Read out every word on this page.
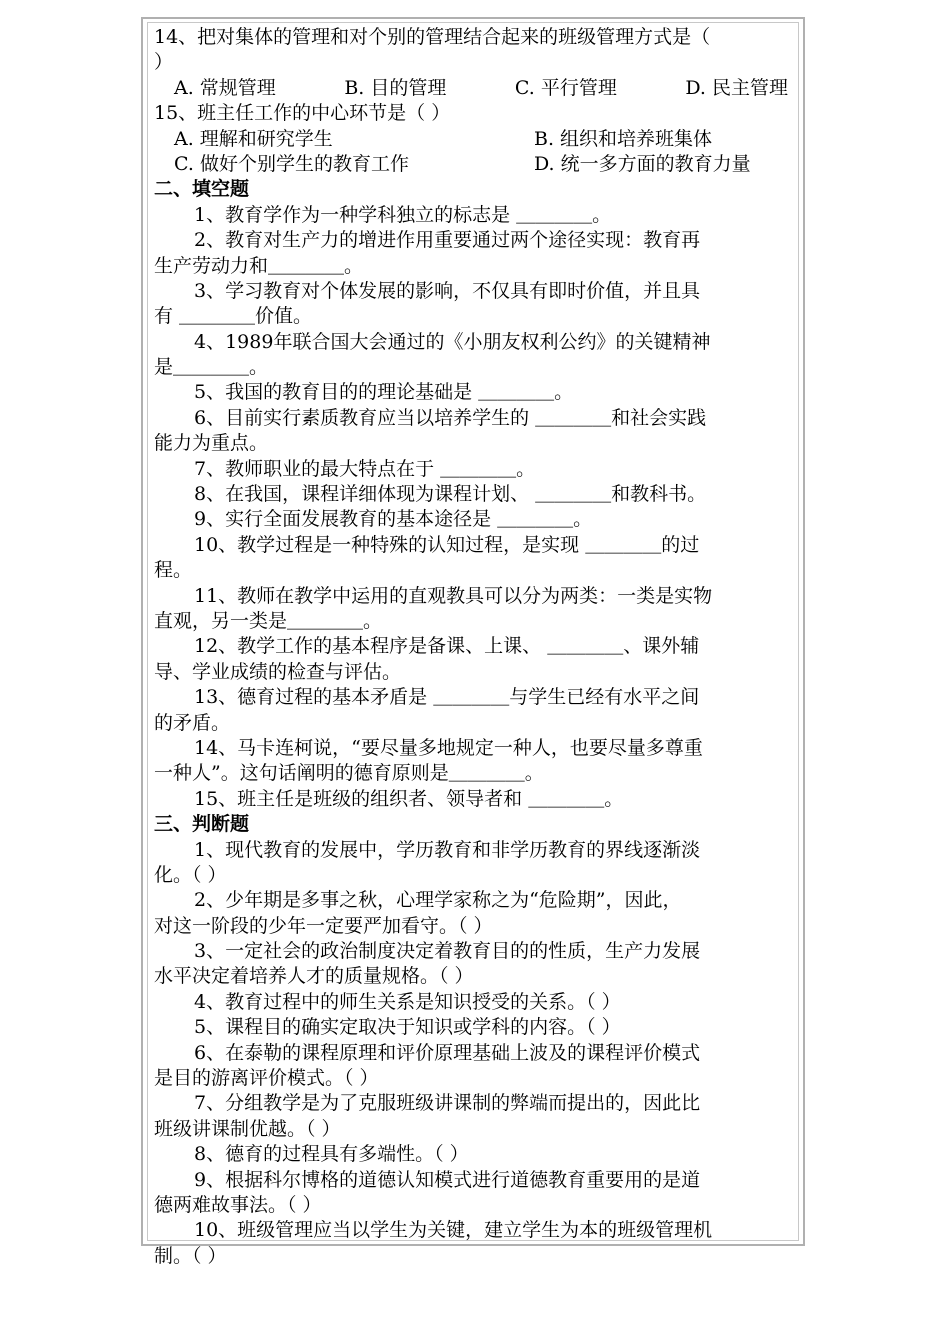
14、把对集体的管理和对个别的管理结合起来的班级管理方式是（
）
A. 常规管理	B. 目的管理	C. 平行管理	D. 民主管理
15、班主任工作的中心环节是（ ）
A. 理解和研究学生	B. 组织和培养班集体
C. 做好个别学生的教育工作	D. 统一多方面的教育力量
二、填空题
1、教育学作为一种学科独立的标志是 ＿＿＿＿。
2、教育对生产力的增进作用重要通过两个途径实现：教育再
生产劳动力和＿＿＿＿。
3、学习教育对个体发展的影响，不仅具有即时价值，并且具
有 ＿＿＿＿价值。
4、1989年联合国大会通过的《小朋友权利公约》的关键精神
是＿＿＿＿。
5、我国的教育目的的理论基础是 ＿＿＿＿。
6、目前实行素质教育应当以培养学生的 ＿＿＿＿和社会实践
能力为重点。
7、教师职业的最大特点在于 ＿＿＿＿。
8、在我国，课程详细体现为课程计划、 ＿＿＿＿和教科书。
9、实行全面发展教育的基本途径是 ＿＿＿＿。
10、教学过程是一种特殊的认知过程，是实现 ＿＿＿＿的过
程。
11、教师在教学中运用的直观教具可以分为两类：一类是实物
直观，另一类是＿＿＿＿。
12、教学工作的基本程序是备课、上课、 ＿＿＿＿、课外辅
导、学业成绩的检查与评估。
13、德育过程的基本矛盾是 ＿＿＿＿与学生已经有水平之间
的矛盾。
14、马卡连柯说，“要尽量多地规定一种人，也要尽量多尊重
一种人”。这句话阐明的德育原则是＿＿＿＿。
15、班主任是班级的组织者、领导者和 ＿＿＿＿。
三、判断题
1、现代教育的发展中，学历教育和非学历教育的界线逐渐淡
化。（ ）
2、少年期是多事之秋，心理学家称之为“危险期”，因此，
对这一阶段的少年一定要严加看守。（ ）
3、一定社会的政治制度决定着教育目的的性质，生产力发展
水平决定着培养人才的质量规格。（ ）
4、教育过程中的师生关系是知识授受的关系。（ ）
5、课程目的确实定取决于知识或学科的内容。（ ）
6、在泰勒的课程原理和评价原理基础上波及的课程评价模式
是目的游离评价模式。（ ）
7、分组教学是为了克服班级讲课制的弊端而提出的，因此比
班级讲课制优越。（ ）
8、德育的过程具有多端性。（ ）
9、根据科尔博格的道德认知模式进行道德教育重要用的是道
德两难故事法。（ ）
10、班级管理应当以学生为关键，建立学生为本的班级管理机
制。（ ）
